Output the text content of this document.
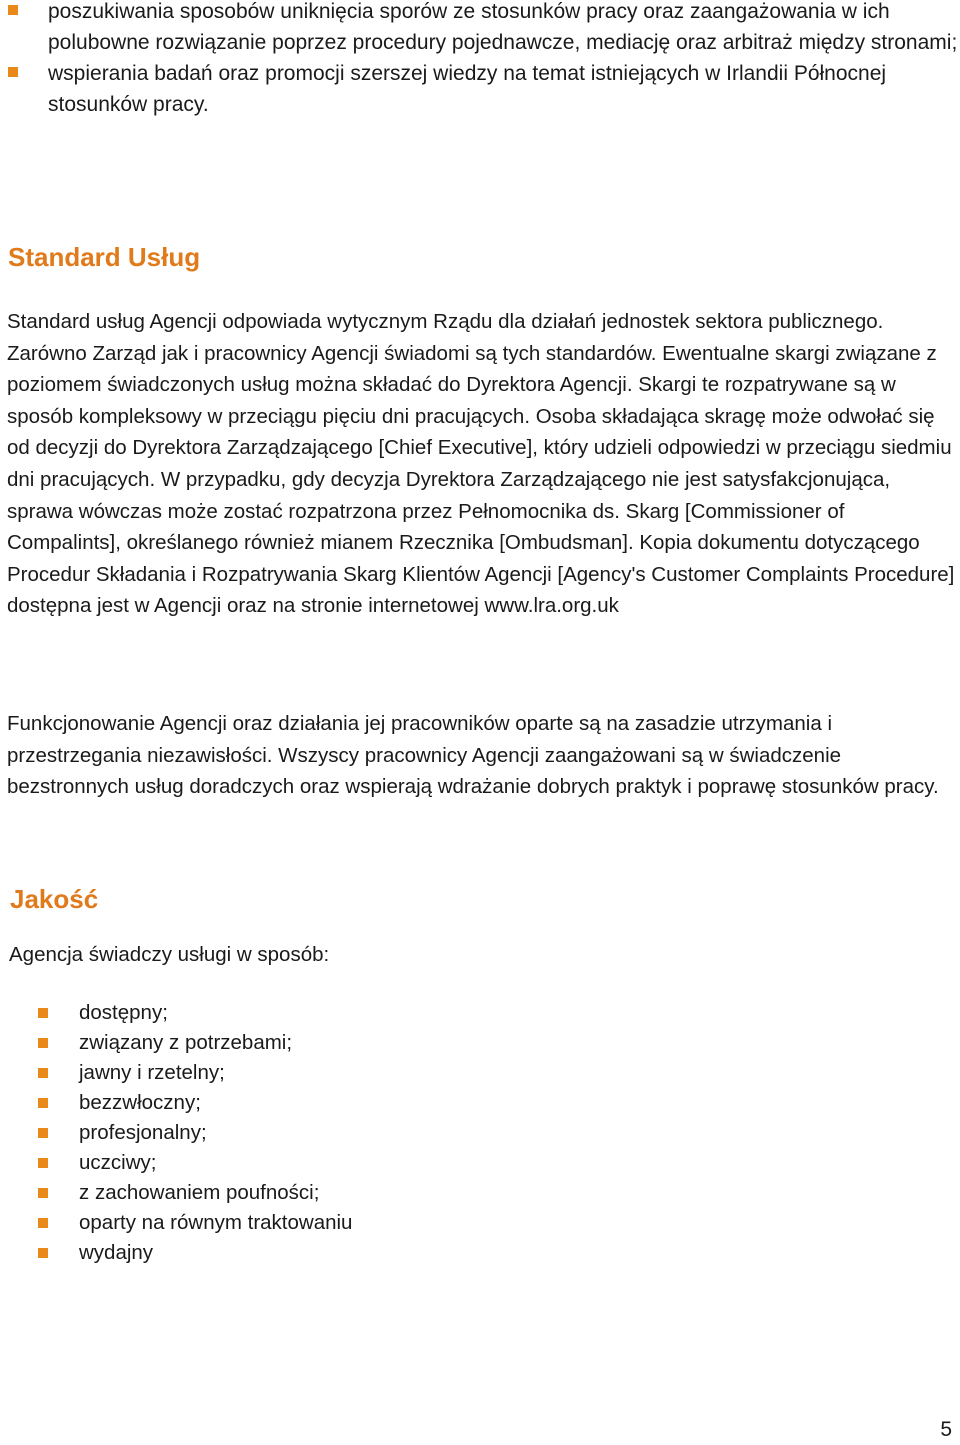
poszukiwania sposobów uniknięcia sporów ze stosunków pracy oraz zaangażowania w ich polubowne rozwiązanie poprzez procedury pojednawcze, mediację oraz arbitraż między stronami;
wspierania badań oraz promocji szerszej wiedzy na temat istniejących w Irlandii Północnej stosunków pracy.
Standard Usług

Standard usług Agencji odpowiada wytycznym Rządu dla działań jednostek sektora publicznego. Zarówno Zarząd jak i pracownicy Agencji świadomi są tych standardów. Ewentualne skargi związane z poziomem świadczonych usług można składać do Dyrektora Agencji. Skargi te rozpatrywane są w sposób kompleksowy w przeciągu pięciu dni pracujących. Osoba składająca skragę może odwołać się od decyzji do Dyrektora Zarządzającego [Chief Executive], który udzieli odpowiedzi w przeciągu siedmiu dni pracujących. W przypadku, gdy decyzja Dyrektora Zarządzającego nie jest satysfakcjonująca, sprawa wówczas może zostać rozpatrzona przez Pełnomocnika ds. Skarg [Commissioner of Compalints], określanego również mianem Rzecznika [Ombudsman]. Kopia dokumentu dotyczącego Procedur Składania i Rozpatrywania Skarg Klientów Agencji [Agency's Customer Complaints Procedure] dostępna jest w Agencji oraz na stronie internetowej www.lra.org.uk

Funkcjonowanie Agencji oraz działania jej pracowników oparte są na zasadzie utrzymania i przestrzegania niezawisłości. Wszyscy pracownicy Agencji zaangażowani są w świadczenie bezstronnych usług doradczych oraz wspierają wdrażanie dobrych praktyk i poprawę stosunków pracy.

Jakość

Agencja świadczy usługi w sposób:

dostępny;
związany z potrzebami;
jawny i rzetelny;
bezzwłoczny;
profesjonalny;
uczciwy;
z zachowaniem poufności;
oparty na równym traktowaniu
wydajny
5
